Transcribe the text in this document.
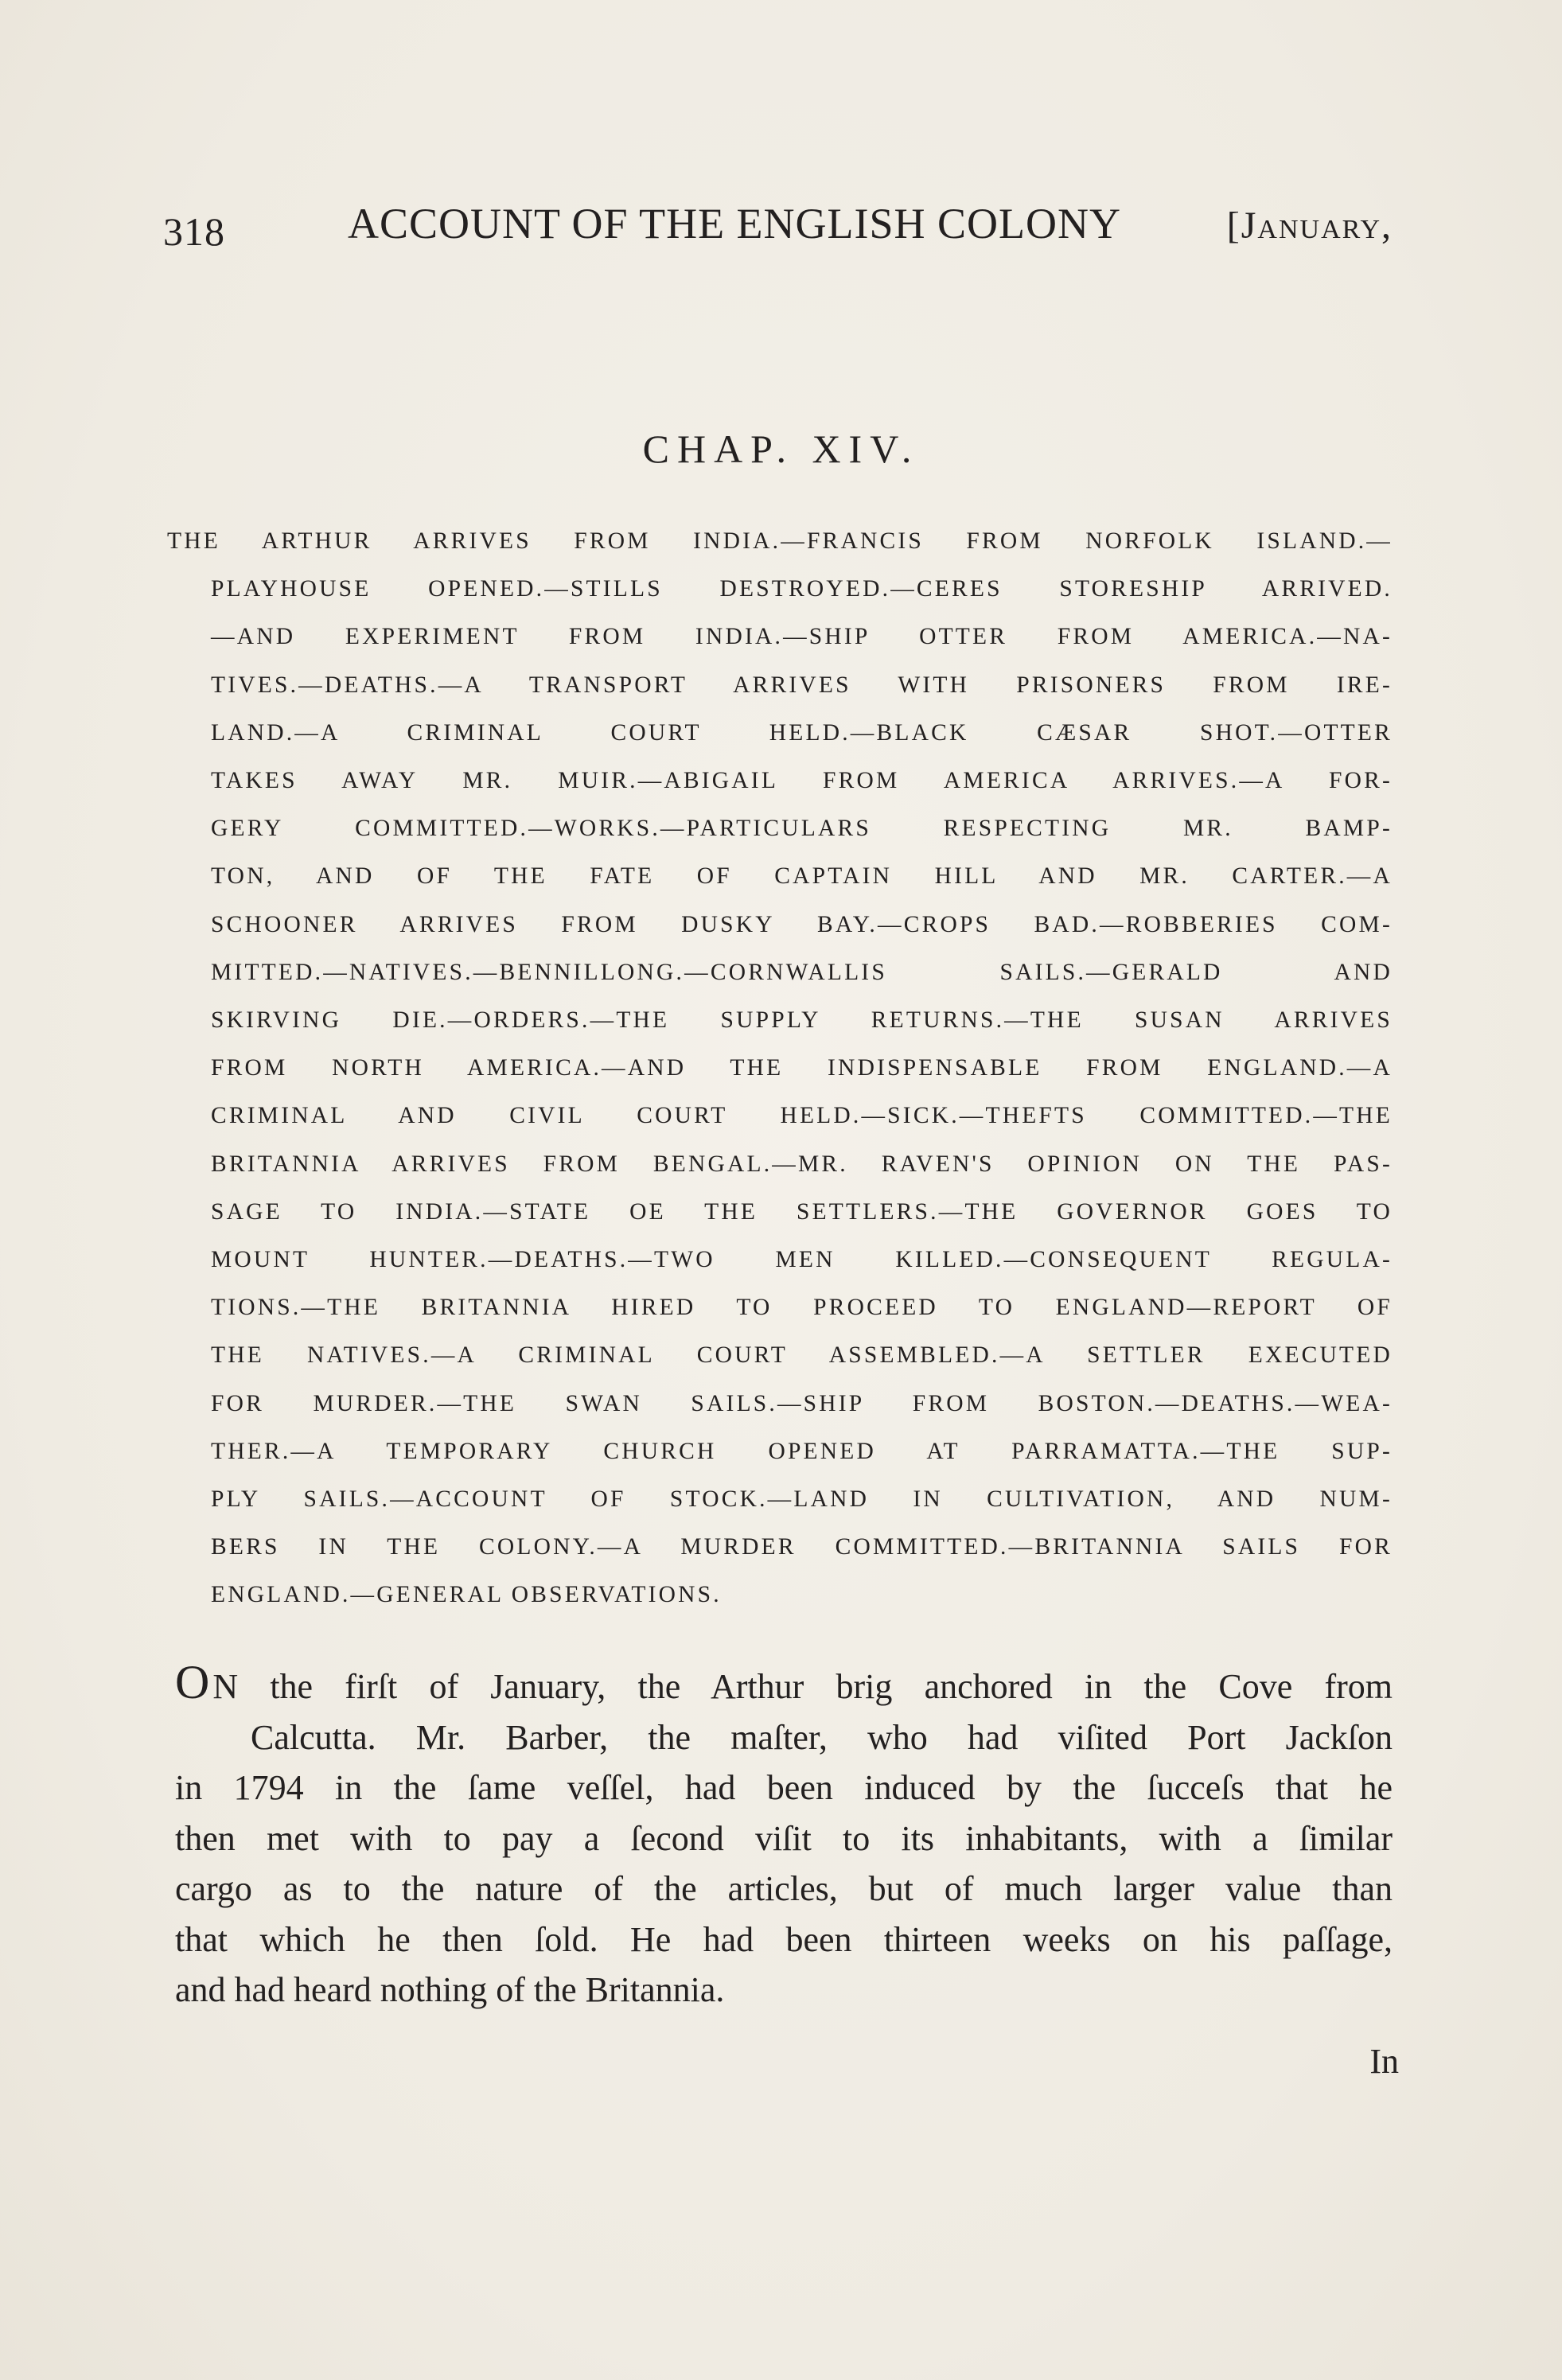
318	ACCOUNT OF THE ENGLISH COLONY	[January,
CHAP. XIV.
THE ARTHUR ARRIVES FROM INDIA.—FRANCIS FROM NORFOLK ISLAND.—
PLAYHOUSE OPENED.—STILLS DESTROYED.—CERES STORESHIP ARRIVED.
—AND EXPERIMENT FROM INDIA.—SHIP OTTER FROM AMERICA.—NA-
TIVES.—DEATHS.—A TRANSPORT ARRIVES WITH PRISONERS FROM IRE-
LAND.—A CRIMINAL COURT HELD.—BLACK CÆSAR SHOT.—OTTER
TAKES AWAY MR. MUIR.—ABIGAIL FROM AMERICA ARRIVES.—A FOR-
GERY COMMITTED.—WORKS.—PARTICULARS RESPECTING MR. BAMP-
TON, AND OF THE FATE OF CAPTAIN HILL AND MR. CARTER.—A
SCHOONER ARRIVES FROM DUSKY BAY.—CROPS BAD.—ROBBERIES COM-
MITTED.—NATIVES.—BENNILLONG.—CORNWALLIS SAILS.—GERALD AND
SKIRVING DIE.—ORDERS.—THE SUPPLY RETURNS.—THE SUSAN ARRIVES
FROM NORTH AMERICA.—AND THE INDISPENSABLE FROM ENGLAND.—A
CRIMINAL AND CIVIL COURT HELD.—SICK.—THEFTS COMMITTED.—THE
BRITANNIA ARRIVES FROM BENGAL.—MR. RAVEN'S OPINION ON THE PAS-
SAGE TO INDIA.—STATE OE THE SETTLERS.—THE GOVERNOR GOES TO
MOUNT HUNTER.—DEATHS.—TWO MEN KILLED.—CONSEQUENT REGULA-
TIONS.—THE BRITANNIA HIRED TO PROCEED TO ENGLAND—REPORT OF
THE NATIVES.—A CRIMINAL COURT ASSEMBLED.—A SETTLER EXECUTED
FOR MURDER.—THE SWAN SAILS.—SHIP FROM BOSTON.—DEATHS.—WEA-
THER.—A TEMPORARY CHURCH OPENED AT PARRAMATTA.—THE SUP-
PLY SAILS.—ACCOUNT OF STOCK.—LAND IN CULTIVATION, AND NUM-
BERS IN THE COLONY.—A MURDER COMMITTED.—BRITANNIA SAILS FOR
ENGLAND.—GENERAL OBSERVATIONS.
ON the firſt of January, the Arthur brig anchored in the Cove from
Calcutta. Mr. Barber, the maſter, who had viſited Port Jackſon
in 1794 in the ſame veſſel, had been induced by the ſucceſs that he
then met with to pay a ſecond viſit to its inhabitants, with a ſimilar
cargo as to the nature of the articles, but of much larger value than
that which he then ſold. He had been thirteen weeks on his paſſage,
and had heard nothing of the Britannia.
In
